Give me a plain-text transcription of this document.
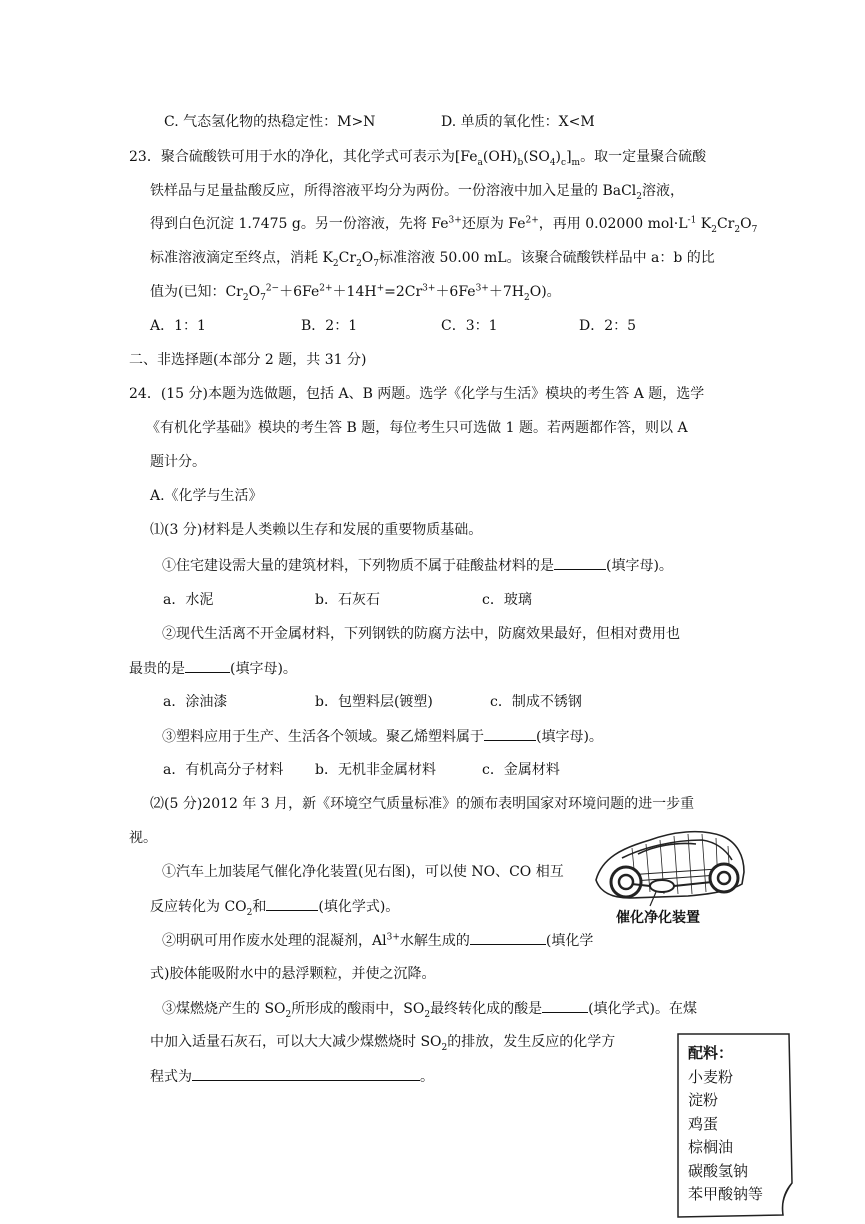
C. 气态氢化物的热稳定性：M>N	D. 单质的氧化性：X<M
23．聚合硫酸铁可用于水的净化，其化学式可表示为$[Fe_a(OH)_b(SO_4)_c]_m$。取一定量聚合硫酸
铁样品与足量盐酸反应，所得溶液平均分为两份。一份溶液中加入足量的 BaCl$_2$溶液，
得到白色沉淀 1.7475 g。另一份溶液，先将 $Fe^{3+}$还原为 $Fe^{2+}$，再用 0.02000 $mol\cdot L^{-1}$ $K_2Cr_2O_7$
标准溶液滴定至终点，消耗 $K_2Cr_2O_7$标准溶液 50.00 mL。该聚合硫酸铁样品中 a：b 的比
值为(已知：$Cr_2O_7^{2-}+6Fe^{2+}+14H^+=2Cr^{3+}+6Fe^{3+}+7H_2O$)。
A．1：1	B．2：1	C．3：1	D．2：5
二、非选择题(本部分 2 题，共 31 分)
24．(15 分)本题为选做题，包括 A、B 两题。选学《化学与生活》模块的考生答 A 题，选学
《有机化学基础》模块的考生答 B 题，每位考生只可选做 1 题。若两题都作答，则以 A
题计分。
A.《化学与生活》
⑴(3 分)材料是人类赖以生存和发展的重要物质基础。
①住宅建设需大量的建筑材料，下列物质不属于硅酸盐材料的是	(填字母)。
a．水泥	b．石灰石	c．玻璃
②现代生活离不开金属材料，下列钢铁的防腐方法中，防腐效果最好，但相对费用也
最贵的是	(填字母)。
a．涂油漆	b．包塑料层(镀塑)	c．制成不锈钢
③塑料应用于生产、生活各个领域。聚乙烯塑料属于	(填字母)。
a．有机高分子材料 b．无机非金属材料	c．金属材料
⑵(5 分)2012 年 3 月，新《环境空气质量标准》的颁布表明国家对环境问题的进一步重
视。
①汽车上加装尾气催化净化装置(见右图)，可以使 NO、CO 相互
反应转化为 $CO_2$和	(填化学式)。
②明矾可用作废水处理的混凝剂，$Al^{3+}$水解生成的	(填化学
式)胶体能吸附水中的悬浮颗粒，并使之沉降。
③煤燃烧产生的 $SO_2$所形成的酸雨中，$SO_2$最终转化成的酸是	(填化学式)。在煤
中加入适量石灰石，可以大大减少煤燃烧时 $SO_2$的排放，发生反应的化学方
程式为	。
催化净化装置
配料：
小麦粉
淀粉
鸡蛋
棕榈油
碳酸氢钠
苯甲酸钠等
